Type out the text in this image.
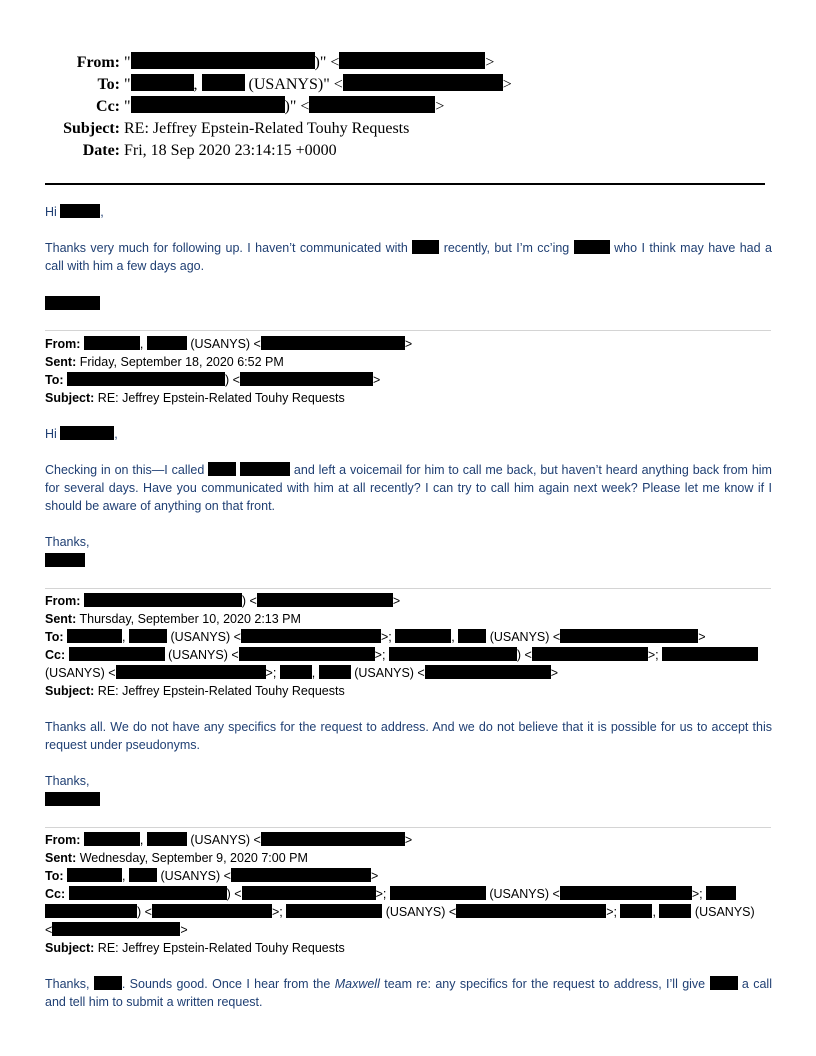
From: "	)" <	>
To: "	,	(USANYS)" <	>
Cc: "	)" <	>
Subject: RE: Jeffrey Epstein-Related Touhy Requests
Date: Fri, 18 Sep 2020 23:14:15 +0000
Hi	,
Thanks very much for following up. I haven’t communicated with	recently, but I’m cc’ing	who I think may have had a call with him a few days ago.
From:	,	(USANYS) <	>
Sent: Friday, September 18, 2020 6:52 PM
To:	) <	>
Subject: RE: Jeffrey Epstein-Related Touhy Requests
Hi	,
Checking in on this—I called	and left a voicemail for him to call me back, but haven’t heard anything back from him for several days. Have you communicated with him at all recently? I can try to call him again next week? Please let me know if I should be aware of anything on that front.
Thanks,
From:	) <	>
Sent: Thursday, September 10, 2020 2:13 PM
To:	,	(USANYS) <	>;	,	(USANYS) <	>
Cc:	(USANYS) <	>;	) <	>;
(USANYS) <	>;	,	(USANYS) <	>
Subject: RE: Jeffrey Epstein-Related Touhy Requests
Thanks all. We do not have any specifics for the request to address. And we do not believe that it is possible for us to accept this request under pseudonyms.
Thanks,
From:	,	(USANYS) <	>
Sent: Wednesday, September 9, 2020 7:00 PM
To:	,	(USANYS) <	>
Cc:	) <	>;	(USANYS) <	>;
) <	>;	(USANYS) <	>;	,	(USANYS)
<	>
Subject: RE: Jeffrey Epstein-Related Touhy Requests
Thanks,	. Sounds good. Once I hear from the Maxwell team re: any specifics for the request to address, I’ll give	a call and tell him to submit a written request.
